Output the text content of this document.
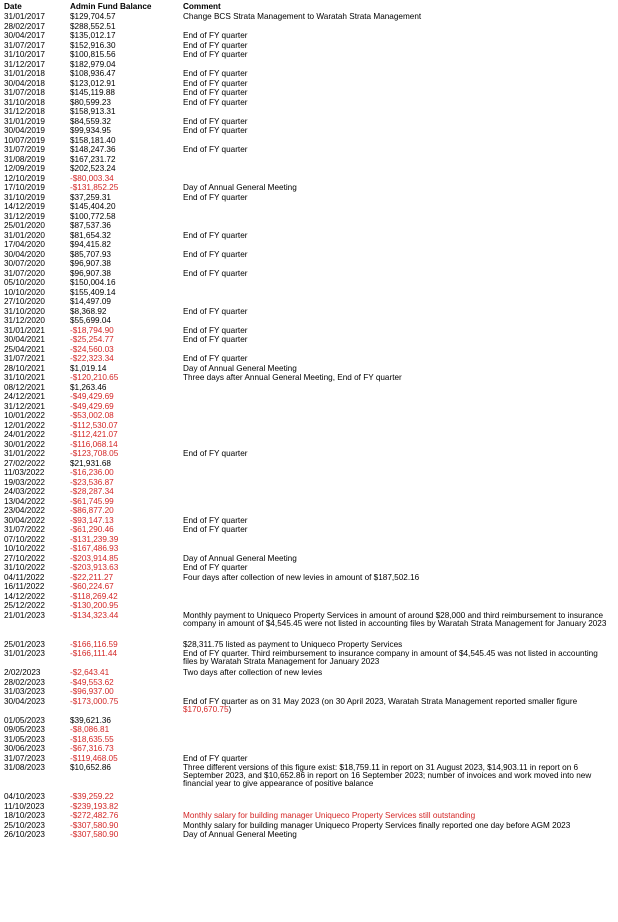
Date	Admin Fund Balance	Comment
31/01/2017	$129,704.57	Change BCS Strata Management to Waratah Strata Management
28/02/2017	$288,552.51
30/04/2017	$135,012.17	End of FY quarter
31/07/2017	$152,916.30	End of FY quarter
31/10/2017	$100,815.56	End of FY quarter
31/12/2017	$182,979.04
31/01/2018	$108,936.47	End of FY quarter
30/04/2018	$123,012.91	End of FY quarter
31/07/2018	$145,119.88	End of FY quarter
31/10/2018	$80,599.23	End of FY quarter
31/12/2018	$158,913.31
31/01/2019	$84,559.32	End of FY quarter
30/04/2019	$99,934.95	End of FY quarter
10/07/2019	$158,181.40
31/07/2019	$148,247.36	End of FY quarter
31/08/2019	$167,231.72
12/09/2019	$202,523.24
12/10/2019	-$80,003.34
17/10/2019	-$131,852.25	Day of Annual General Meeting
31/10/2019	$37,259.31	End of FY quarter
14/12/2019	$145,404.20
31/12/2019	$100,772.58
25/01/2020	$87,537.36
31/01/2020	$81,654.32	End of FY quarter
17/04/2020	$94,415.82
30/04/2020	$85,707.93	End of FY quarter
30/07/2020	$96,907.38
31/07/2020	$96,907.38	End of FY quarter
05/10/2020	$150,004.16
10/10/2020	$155,409.14
27/10/2020	$14,497.09
31/10/2020	$8,368.92	End of FY quarter
31/12/2020	$55,699.04
31/01/2021	-$18,794.90	End of FY quarter
30/04/2021	-$25,254.77	End of FY quarter
25/04/2021	-$24,560.03
31/07/2021	-$22,323.34	End of FY quarter
28/10/2021	$1,019.14	Day of Annual General Meeting
31/10/2021	-$120,210.65	Three days after Annual General Meeting, End of FY quarter
08/12/2021	$1,263.46
24/12/2021	-$49,429.69
31/12/2021	-$49,429.69
10/01/2022	-$53,002.08
12/01/2022	-$112,530.07
24/01/2022	-$112,421.07
30/01/2022	-$116,068.14
31/01/2022	-$123,708.05	End of FY quarter
27/02/2022	$21,931.68
11/03/2022	-$16,236.00
19/03/2022	-$23,536.87
24/03/2022	-$28,287.34
13/04/2022	-$61,745.99
23/04/2022	-$86,877.20
30/04/2022	-$93,147.13	End of FY quarter
31/07/2022	-$61,290.46	End of FY quarter
07/10/2022	-$131,239.39
10/10/2022	-$167,486.93
27/10/2022	-$203,914.85	Day of Annual General Meeting
31/10/2022	-$203,913.63	End of FY quarter
04/11/2022	-$22,211.27	Four days after collection of new levies in amount of $187,502.16
16/11/2022	-$60,224.67
14/12/2022	-$118,269.42
25/12/2022	-$130,200.95
21/01/2023	-$134,323.44	Monthly payment to Uniqueco Property Services in amount of around $28,000 and third reimbursement to insurance company in amount of $4,545.45 were not listed in accounting files by Waratah Strata Management for January 2023
25/01/2023	-$166,116.59	$28,311.75 listed as payment to Uniqueco Property Services
31/01/2023	-$166,111.44	End of FY quarter. Third reimbursement to insurance company in amount of $4,545.45 was not listed in accounting files by Waratah Strata Management for January 2023
2/02/2023	-$2,643.41	Two days after collection of new levies
28/02/2023	-$49,553.62
31/03/2023	-$96,937.00
30/04/2023	-$173,000.75	End of FY quarter as on 31 May 2023 (on 30 April 2023, Waratah Strata Management reported smaller figure $170,670.75)
01/05/2023	$39,621.36
09/05/2023	-$8,086.81
31/05/2023	-$18,635.55
30/06/2023	-$67,316.73
31/07/2023	-$119,468.05	End of FY quarter
31/08/2023	$10,652.86	Three different versions of this figure exist: $18,759.11 in report on 31 August 2023, $14,903.11 in report on 6 September 2023, and $10,652.86 in report on 16 September 2023; number of invoices and work moved into new financial year to give appearance of positive balance
04/10/2023	-$39,259.22
11/10/2023	-$239,193.82
18/10/2023	-$272,482.76	Monthly salary for building manager Uniqueco Property Services still outstanding
25/10/2023	-$307,580.90	Monthly salary for building manager Uniqueco Property Services finally reported one day before AGM 2023
26/10/2023	-$307,580.90	Day of Annual General Meeting
